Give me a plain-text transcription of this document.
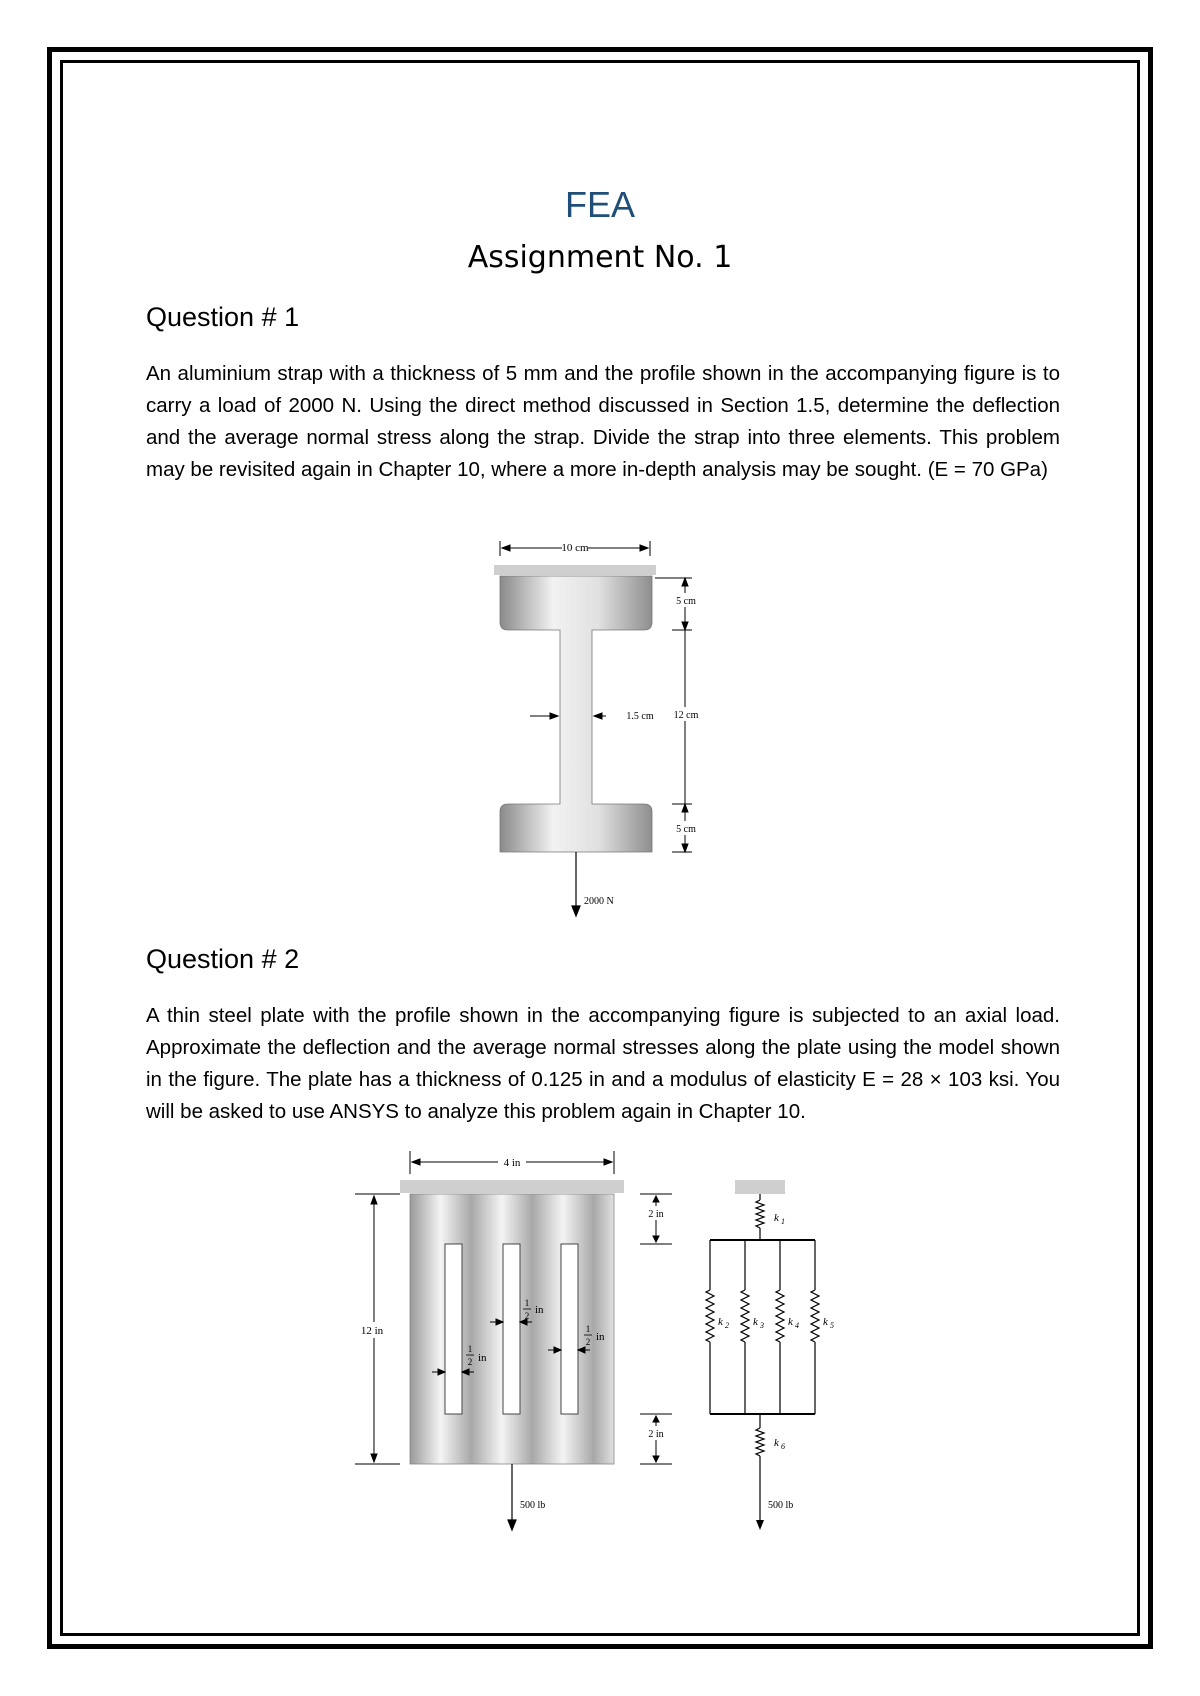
FEA
Assignment No. 1
Question # 1
An aluminium strap with a thickness of 5 mm and the profile shown in the accompanying figure is to carry a load of 2000 N. Using the direct method discussed in Section 1.5, determine the deflection and the average normal stress along the strap. Divide the strap into three elements. This problem may be revisited again in Chapter 10, where a more in-depth analysis may be sought. (E = 70 GPa)
10 cm
5 cm
12 cm
5 cm
1.5 cm
2000 N
Question # 2
A thin steel plate with the profile shown in the accompanying figure is subjected to an axial load. Approximate the deflection and the average normal stresses along the plate using the model shown in the figure. The plate has a thickness of 0.125 in and a modulus of elasticity E = 28 × 103 ksi. You will be asked to use ANSYS to analyze this problem again in Chapter 10.
4 in
12 in
1
2 in
1
2 in
1
2 in
2 in
2 in
500 lb	500 lb
k 1
k 2 k 3 k 4 k 5
k 6
